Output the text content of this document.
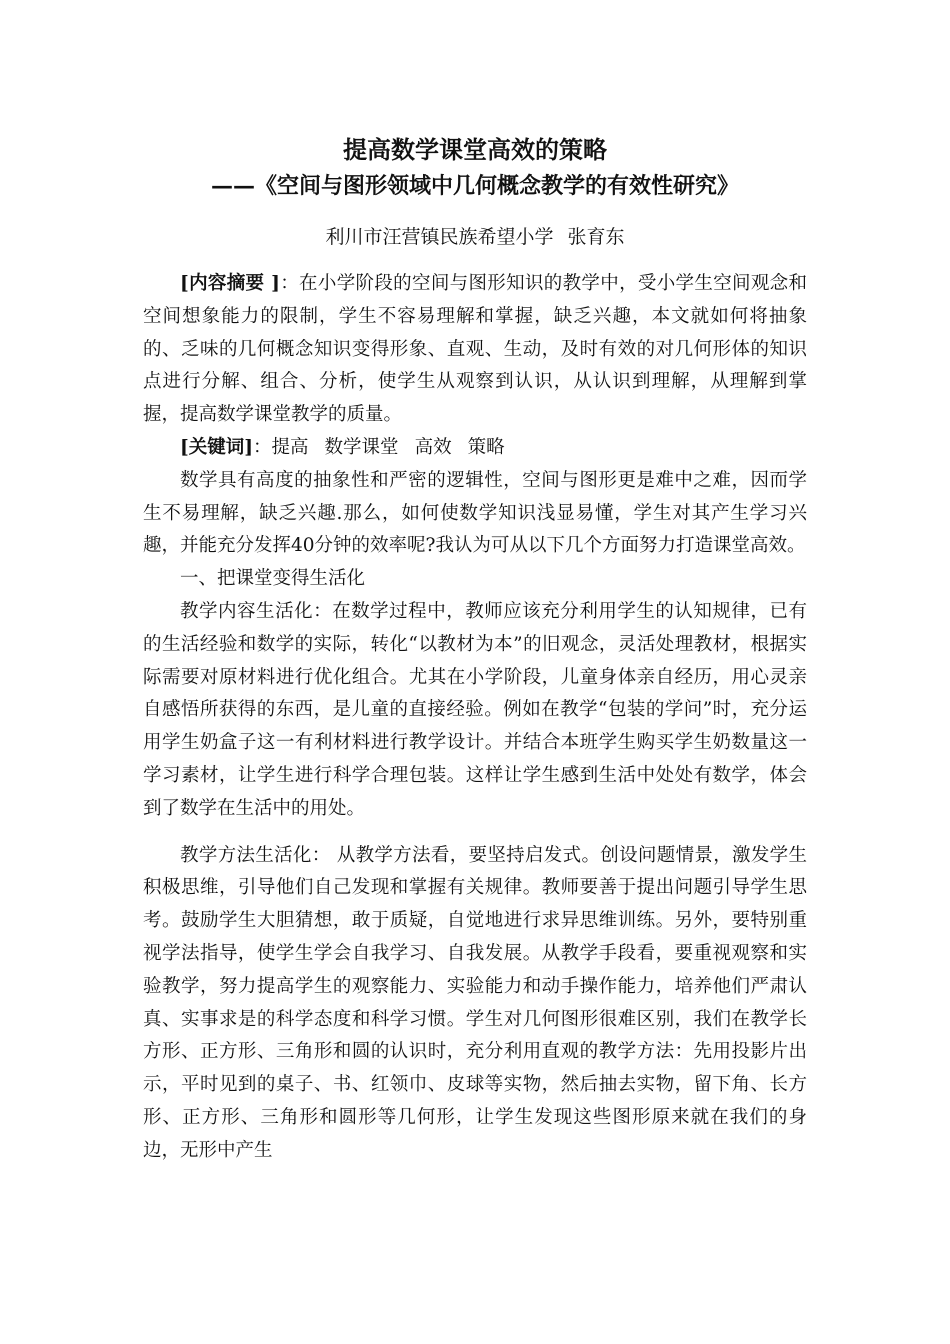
提高数学课堂高效的策略
——《空间与图形领域中几何概念教学的有效性研究》
利川市汪营镇民族希望小学 张育东

[内容摘要 ]：在小学阶段的空间与图形知识的教学中，受小学生空间观念和空间想象能力的限制，学生不容易理解和掌握，缺乏兴趣，本文就如何将抽象的、乏味的几何概念知识变得形象、直观、生动，及时有效的对几何形体的知识点进行分解、组合、分析，使学生从观察到认识，从认识到理解，从理解到掌握，提高数学课堂教学的质量。

[关键词]：提高 数学课堂 高效 策略

数学具有高度的抽象性和严密的逻辑性，空间与图形更是难中之难，因而学生不易理解，缺乏兴趣.那么，如何使数学知识浅显易懂，学生对其产生学习兴趣，并能充分发挥40分钟的效率呢?我认为可从以下几个方面努力打造课堂高效。

一、把课堂变得生活化

教学内容生活化：在数学过程中，教师应该充分利用学生的认知规律，已有的生活经验和数学的实际，转化“以教材为本”的旧观念，灵活处理教材，根据实际需要对原材料进行优化组合。尤其在小学阶段，儿童身体亲自经历，用心灵亲自感悟所获得的东西，是儿童的直接经验。例如在教学“包装的学问”时，充分运用学生奶盒子这一有利材料进行教学设计。并结合本班学生购买学生奶数量这一学习素材，让学生进行科学合理包装。这样让学生感到生活中处处有数学，体会到了数学在生活中的用处。

教学方法生活化： 从教学方法看，要坚持启发式。创设问题情景，激发学生积极思维，引导他们自己发现和掌握有关规律。教师要善于提出问题引导学生思考。鼓励学生大胆猜想，敢于质疑，自觉地进行求异思维训练。另外，要特别重视学法指导，使学生学会自我学习、自我发展。从教学手段看，要重视观察和实验教学，努力提高学生的观察能力、实验能力和动手操作能力，培养他们严肃认真、实事求是的科学态度和科学习惯。学生对几何图形很难区别，我们在教学长方形、正方形、三角形和圆的认识时，充分利用直观的教学方法：先用投影片出示，平时见到的桌子、书、红领巾、皮球等实物，然后抽去实物，留下角、长方形、正方形、三角形和圆形等几何形，让学生发现这些图形原来就在我们的身边，无形中产生
